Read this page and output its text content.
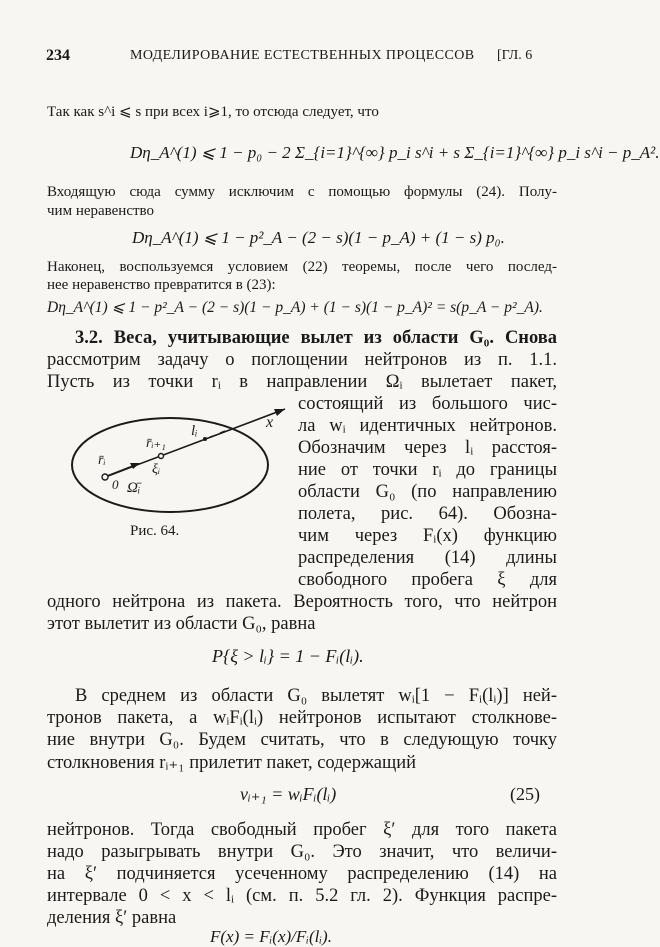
234	МОДЕЛИРОВАНИЕ ЕСТЕСТВЕННЫХ ПРОЦЕССОВ [ГЛ. 6
Так как s^i ⩽ s при всех i⩾1, то отсюда следует, что
Dη_A^(1) ⩽ 1 − p₀ − 2 Σ_{i=1}^{∞} p_i s^i + s Σ_{i=1}^{∞} p_i s^i − p_A².
Входящую сюда сумму исключим с помощью формулы (24). Полу-
чим неравенство
Dη_A^(1) ⩽ 1 − p²_A − (2 − s)(1 − p_A) + (1 − s) p₀.
Наконец, воспользуемся условием (22) теоремы, после чего послед-
нее неравенство превратится в (23):
Dη_A^(1) ⩽ 1 − p²_A − (2 − s)(1 − p_A) + (1 − s)(1 − p_A)² = s(p_A − p²_A).
3.2. Веса, учитывающие вылет из области G₀. Снова
рассмотрим задачу о поглощении нейтронов из п. 1.1.
Пусть из точки rᵢ в направлении Ωᵢ вылетает пакет,
состоящий из большого чис-
ла wᵢ идентичных нейтронов.
Обозначим через lᵢ расстоя-
ние от точки rᵢ до границы
области G₀ (по направлению
полета, рис. 64). Обозна-
чим через Fᵢ(x) функцию
распределения (14) длины
свободного пробега ξ для
x
lᵢ
r̄ᵢ₊₁
r̄ᵢ
ξᵢ
0 Ω̄ᵢ
Рис. 64.
одного нейтрона из пакета. Вероятность того, что нейтрон
этот вылетит из области G₀, равна
P{ξ > lᵢ} = 1 − Fᵢ(lᵢ).
В среднем из области G₀ вылетят wᵢ[1 − Fᵢ(lᵢ)] ней-
тронов пакета, а wᵢFᵢ(lᵢ) нейтронов испытают столкнове-
ние внутри G₀. Будем считать, что в следующую точку
столкновения rᵢ₊₁ прилетит пакет, содержащий
vᵢ₊₁ = wᵢFᵢ(lᵢ)	(25)
нейтронов. Тогда свободный пробег ξ′ для того пакета
надо разыгрывать внутри G₀. Это значит, что величи-
на ξ′ подчиняется усеченному распределению (14) на
интервале 0 < x < lᵢ (см. п. 5.2 гл. 2). Функция распре-
деления ξ′ равна
F(x) = Fᵢ(x)/Fᵢ(lᵢ).
